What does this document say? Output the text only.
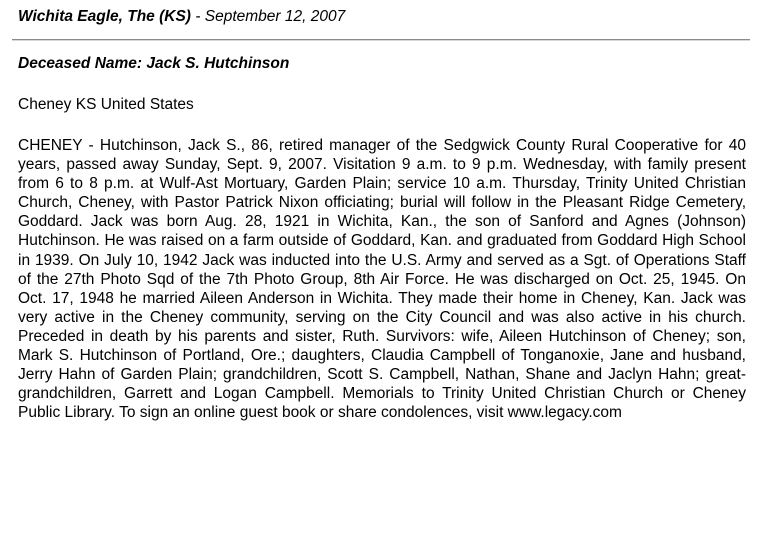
Wichita Eagle, The (KS) - September 12, 2007
Deceased Name: Jack S. Hutchinson
Cheney KS United States

CHENEY - Hutchinson, Jack S., 86, retired manager of the Sedgwick County Rural Cooperative for 40 years, passed away Sunday, Sept. 9, 2007. Visitation 9 a.m. to 9 p.m. Wednesday, with family present from 6 to 8 p.m. at Wulf-Ast Mortuary, Garden Plain; service 10 a.m. Thursday, Trinity United Christian Church, Cheney, with Pastor Patrick Nixon officiating; burial will follow in the Pleasant Ridge Cemetery, Goddard. Jack was born Aug. 28, 1921 in Wichita, Kan., the son of Sanford and Agnes (Johnson) Hutchinson. He was raised on a farm outside of Goddard, Kan. and graduated from Goddard High School in 1939. On July 10, 1942 Jack was inducted into the U.S. Army and served as a Sgt. of Operations Staff of the 27th Photo Sqd of the 7th Photo Group, 8th Air Force. He was discharged on Oct. 25, 1945. On Oct. 17, 1948 he married Aileen Anderson in Wichita. They made their home in Cheney, Kan. Jack was very active in the Cheney community, serving on the City Council and was also active in his church. Preceded in death by his parents and sister, Ruth. Survivors: wife, Aileen Hutchinson of Cheney; son, Mark S. Hutchinson of Portland, Ore.; daughters, Claudia Campbell of Tonganoxie, Jane and husband, Jerry Hahn of Garden Plain; grandchildren, Scott S. Campbell, Nathan, Shane and Jaclyn Hahn; great-grandchildren, Garrett and Logan Campbell. Memorials to Trinity United Christian Church or Cheney Public Library. To sign an online guest book or share condolences, visit www.legacy.com
